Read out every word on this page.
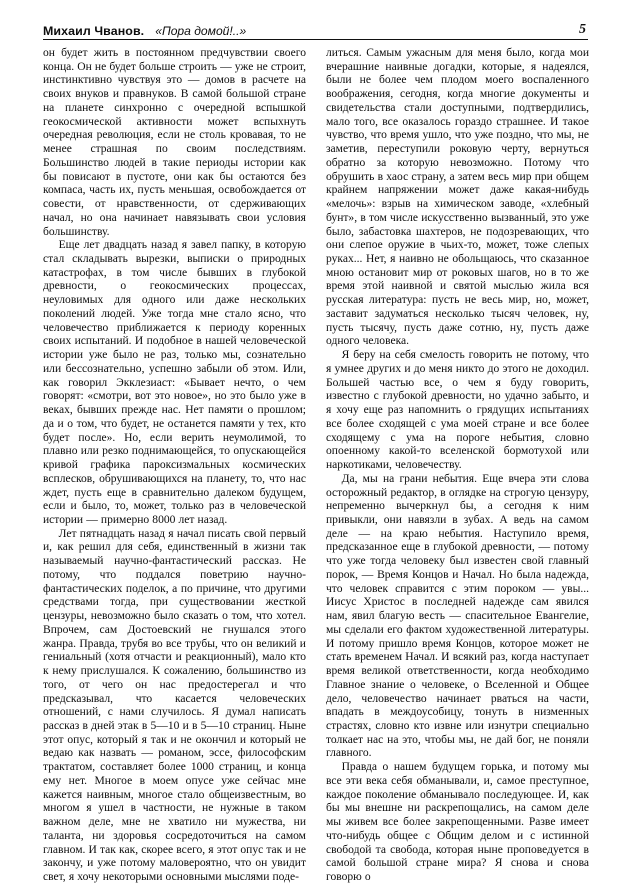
Михаил Чванов. «Пора домой!..»	5

он будет жить в постоянном предчувствии своего конца. Он не будет больше строить — уже не строит, инстинктивно чувствуя это — домов в расчете на своих внуков и правнуков. В самой большой стране на планете синхронно с очередной вспышкой геокосмической активности может вспыхнуть очередная революция, если не столь кровавая, то не менее страшная по своим последствиям. Большинство людей в такие периоды истории как бы повисают в пустоте, они как бы остаются без компаса, часть их, пусть меньшая, освобождается от совести, от нравственности, от сдерживающих начал, но она начинает навязывать свои условия большинству.

Еще лет двадцать назад я завел папку, в которую стал складывать вырезки, выписки о природных катастрофах, в том числе бывших в глубокой древности, о геокосмических процессах, неуловимых для одного или даже нескольких поколений людей. Уже тогда мне стало ясно, что человечество приближается к периоду коренных своих испытаний. И подобное в нашей человеческой истории уже было не раз, только мы, сознательно или бессознательно, успешно забыли об этом. Или, как говорил Экклезиаст: «Бывает нечто, о чем говорят: «смотри, вот это новое», но это было уже в веках, бывших прежде нас. Нет памяти о прошлом; да и о том, что будет, не останется памяти у тех, кто будет после». Но, если верить неумолимой, то плавно или резко поднимающейся, то опускающейся кривой графика пароксизмальных космических всплесков, обрушивающихся на планету, то, что нас ждет, пусть еще в сравнительно далеком будущем, если и было, то, может, только раз в человеческой истории — примерно 8000 лет назад.

Лет пятнадцать назад я начал писать свой первый и, как решил для себя, единственный в жизни так называемый научно-фантастический рассказ. Не потому, что поддался поветрию научно-фантастических поделок, а по причине, что другими средствами тогда, при существовании жесткой цензуры, невозможно было сказать о том, что хотел. Впрочем, сам Достоевский не гнушался этого жанра. Правда, трубя во все трубы, что он великий и гениальный (хотя отчасти и реакционный), мало кто к нему прислушался. К сожалению, большинство из того, от чего он нас предостерегал и что предсказывал, что касается человеческих отношений, с нами случилось. Я думал написать рассказ в дней этак в 5—10 и в 5—10 страниц. Ныне этот опус, который я так и не окончил и который не ведаю как назвать — романом, эссе, философским трактатом, составляет более 1000 страниц, и конца ему нет. Многое в моем опусе уже сейчас мне кажется наивным, многое стало общеизвестным, во многом я ушел в частности, не нужные в таком важном деле, мне не хватило ни мужества, ни таланта, ни здоровья сосредоточиться на самом главном. И так как, скорее всего, я этот опус так и не закончу, и уже потому маловероятно, что он увидит свет, я хочу некоторыми основными мыслями поде-

литься. Самым ужасным для меня было, когда мои вчерашние наивные догадки, которые, я надеялся, были не более чем плодом моего воспаленного воображения, сегодня, когда многие документы и свидетельства стали доступными, подтвердились, мало того, все оказалось гораздо страшнее. И такое чувство, что время ушло, что уже поздно, что мы, не заметив, переступили роковую черту, вернуться обратно за которую невозможно. Потому что обрушить в хаос страну, а затем весь мир при общем крайнем напряжении может даже какая-нибудь «мелочь»: взрыв на химическом заводе, «хлебный бунт», в том числе искусственно вызванный, это уже было, забастовка шахтеров, не подозревающих, что они слепое оружие в чьих-то, может, тоже слепых руках... Нет, я наивно не обольщаюсь, что сказанное мною остановит мир от роковых шагов, но в то же время этой наивной и святой мыслью жила вся русская литература: пусть не весь мир, но, может, заставит задуматься несколько тысяч человек, ну, пусть тысячу, пусть даже сотню, ну, пусть даже одного человека.

Я беру на себя смелость говорить не потому, что я умнее других и до меня никто до этого не доходил. Большей частью все, о чем я буду говорить, известно с глубокой древности, но удачно забыто, и я хочу еще раз напомнить о грядущих испытаниях все более сходящей с ума моей стране и все более сходящему с ума на пороге небытия, словно опоенному какой-то вселенской бормотухой или наркотиками, человечеству.

Да, мы на грани небытия. Еще вчера эти слова осторожный редактор, в оглядке на строгую цензуру, непременно вычеркнул бы, а сегодня к ним привыкли, они навязли в зубах. А ведь на самом деле — на краю небытия. Наступило время, предсказанное еще в глубокой древности, — потому что уже тогда человеку был известен свой главный порок, — Время Концов и Начал. Но была надежда, что человек справится с этим пороком — увы... Иисус Христос в последней надежде сам явился нам, явил благую весть — спасительное Евангелие, мы сделали его фактом художественной литературы. И потому пришло время Концов, которое может не стать временем Начал. И всякий раз, когда наступает время великой ответственности, когда необходимо Главное знание о человеке, о Вселенной и Общее дело, человечество начинает рваться на части, впадать в междоусобицу, тонуть в низменных страстях, словно кто извне или изнутри специально толкает нас на это, чтобы мы, не дай бог, не поняли главного.

Правда о нашем будущем горька, и потому мы все эти века себя обманывали, и, самое преступное, каждое поколение обманывало последующее. И, как бы мы внешне ни раскрепощались, на самом деле мы живем все более закрепощенными. Разве имеет что-нибудь общее с Общим делом и с истинной свободой та свобода, которая ныне проповедуется в самой большой стране мира? Я снова и снова говорю о
